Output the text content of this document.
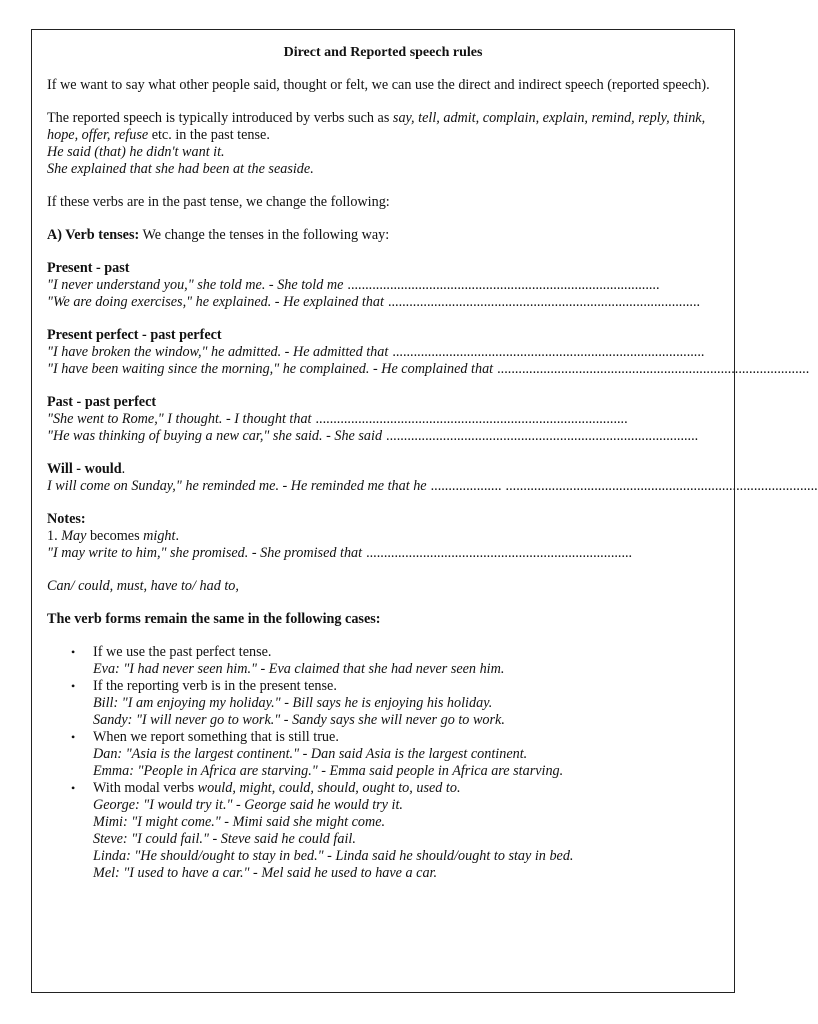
Direct and Reported speech rules

If we want to say what other people said, thought or felt, we can use the direct and indirect speech (reported speech).

The reported speech is typically introduced by verbs such as say, tell, admit, complain, explain, remind, reply, think, hope, offer, refuse etc. in the past tense.

He said (that) he didn't want it.

She explained that she had been at the seaside.

If these verbs are in the past tense, we change the following:

A) Verb tenses: We change the tenses in the following way:

Present - past

"I never understand you," she told me. - She told me ........................................................................................
"We are doing exercises," he explained. - He explained that ........................................................................................

Present perfect - past perfect

"I have broken the window," he admitted. - He admitted that ........................................................................................
"I have been waiting since the morning," he complained. - He complained that ........................................................................................

Past - past perfect

"She went to Rome," I thought. - I thought that ........................................................................................
"He was thinking of buying a new car," she said. - She said ........................................................................................

Will - would.

I will come on Sunday," he reminded me. - He reminded me that he .................... ........................................................................................

Notes:

1. May becomes might.

"I may write to him," she promised. - She promised that ...........................................................................

Can/ could, must, have to/ had to,

The verb forms remain the same in the following cases:

• If we use the past perfect tense.
Eva: "I had never seen him." - Eva claimed that she had never seen him.
• If the reporting verb is in the present tense.
Bill: "I am enjoying my holiday." - Bill says he is enjoying his holiday.
Sandy: "I will never go to work." - Sandy says she will never go to work.
• When we report something that is still true.
Dan: "Asia is the largest continent." - Dan said Asia is the largest continent.
Emma: "People in Africa are starving." - Emma said people in Africa are starving.
• With modal verbs would, might, could, should, ought to, used to.
George: "I would try it." - George said he would try it.
Mimi: "I might come." - Mimi said she might come.
Steve: "I could fail." - Steve said he could fail.
Linda: "He should/ought to stay in bed." - Linda said he should/ought to stay in bed.
Mel: "I used to have a car." - Mel said he used to have a car.
